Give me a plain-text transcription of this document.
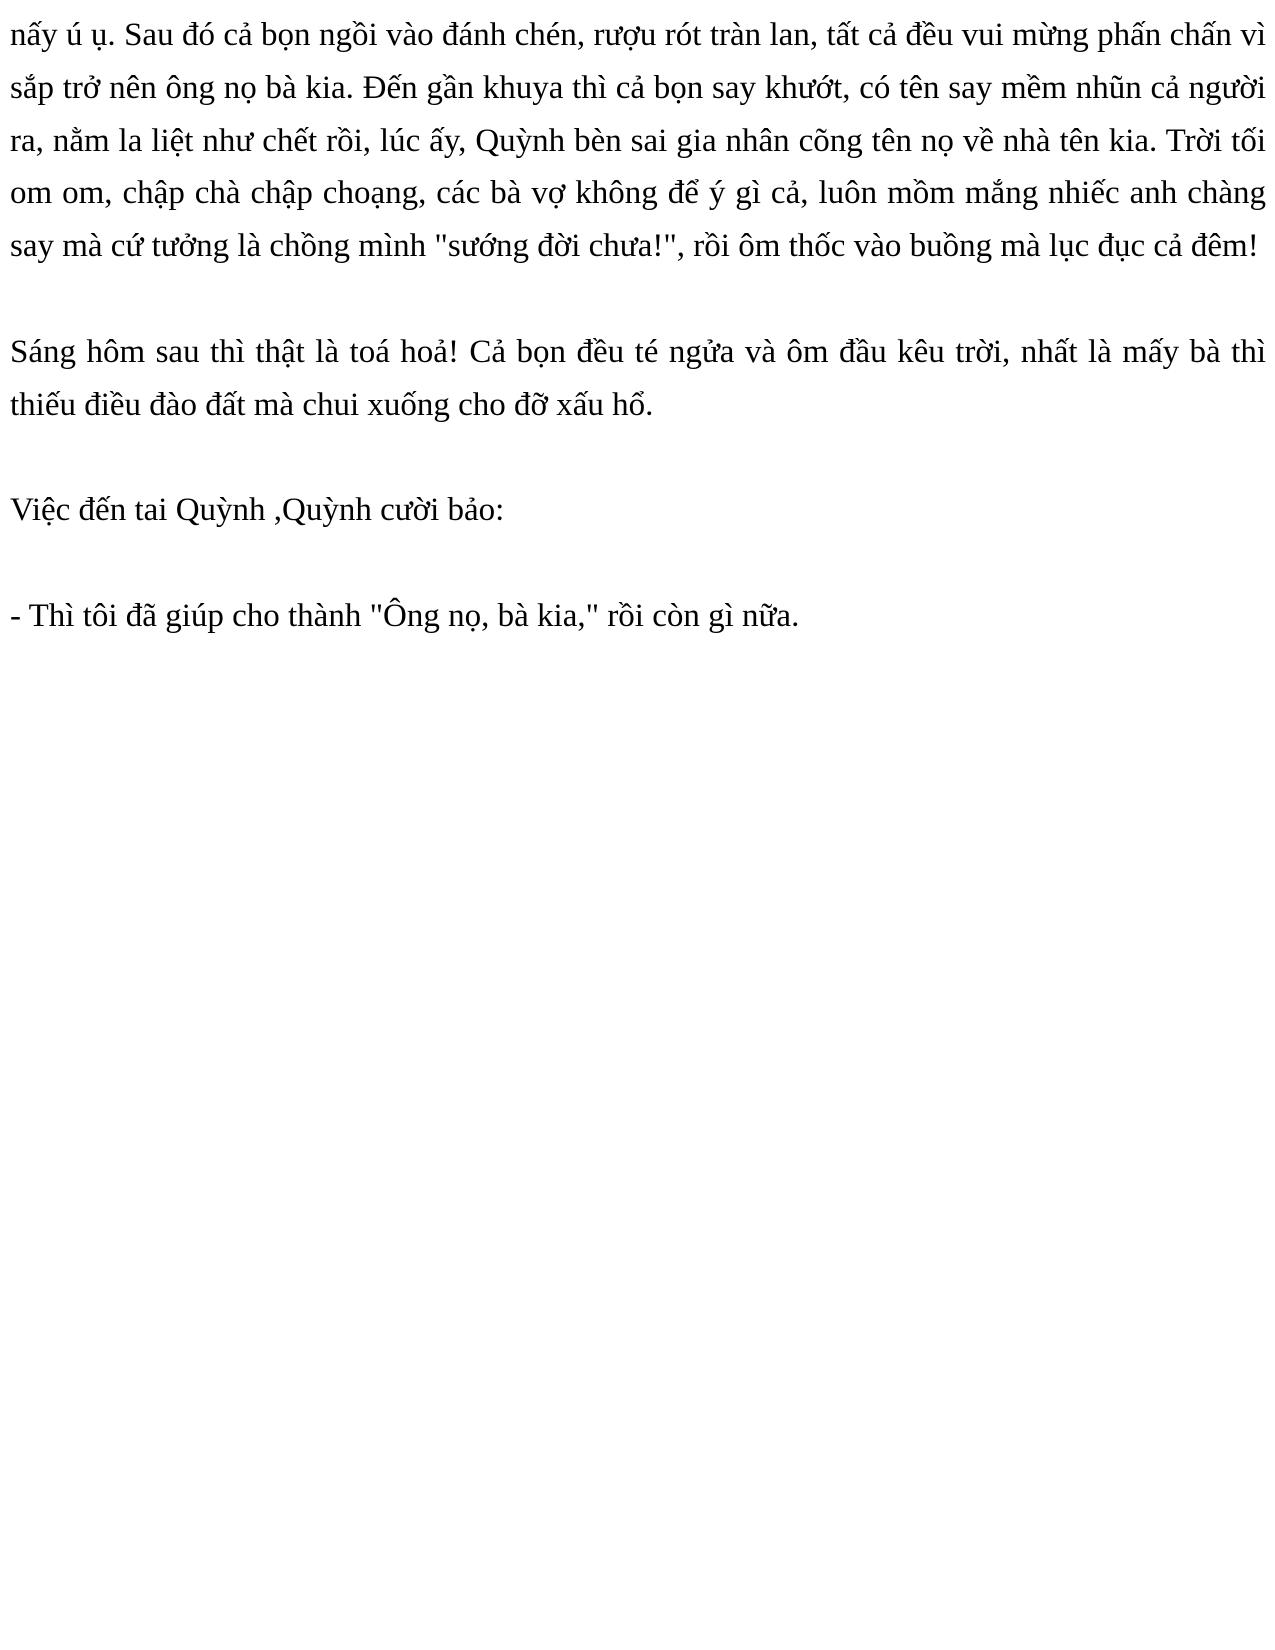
nấy ú ụ. Sau đó cả bọn ngồi vào đánh chén, rượu rót tràn lan, tất cả đều vui mừng phấn chấn vì sắp trở nên ông nọ bà kia. Đến gần khuya thì cả bọn say khướt, có tên say mềm nhũn cả người ra, nằm la liệt như chết rồi, lúc ấy, Quỳnh bèn sai gia nhân cõng tên nọ về nhà tên kia. Trời tối om om, chập chà chập choạng, các bà vợ không để ý gì cả, luôn mồm mắng nhiếc anh chàng say mà cứ tưởng là chồng mình "sướng đời chưa!", rồi ôm thốc vào buồng mà lục đục cả đêm!

Sáng hôm sau thì thật là toá hoả! Cả bọn đều té ngửa và ôm đầu kêu trời, nhất là mấy bà thì thiếu điều đào đất mà chui xuống cho đỡ xấu hổ.

Việc đến tai Quỳnh ,Quỳnh cười bảo:

- Thì tôi đã giúp cho thành "Ông nọ, bà kia," rồi còn gì nữa.
